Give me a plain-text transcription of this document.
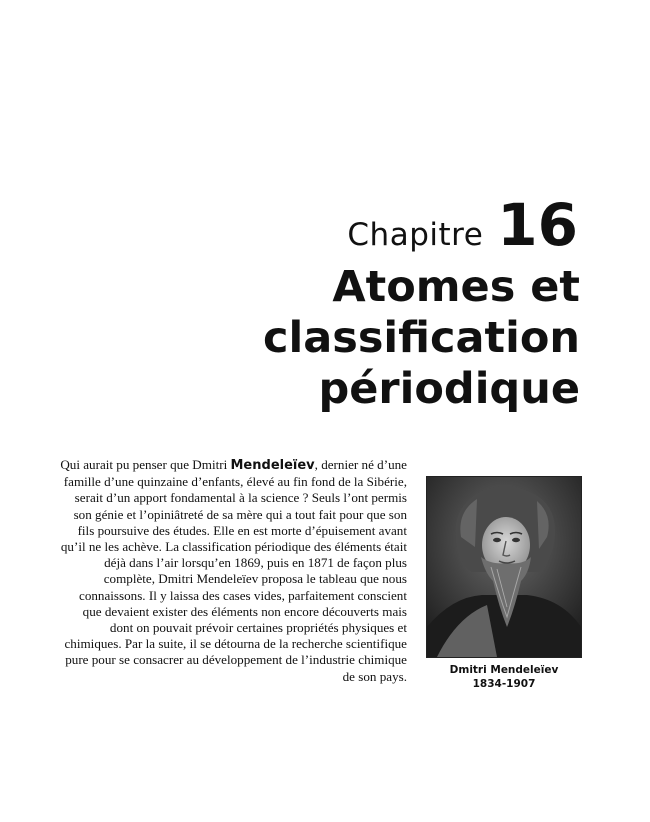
Chapitre 16
Atomes et
classification
périodique

Qui aurait pu penser que Dmitri Mendeleïev, dernier né d’une famille d’une quinzaine d’enfants, élevé au fin fond de la Sibérie, serait d’un apport fondamental à la science ? Seuls l’ont permis son génie et l’opiniâtreté de sa mère qui a tout fait pour que son fils poursuive des études. Elle en est morte d’épuisement avant qu’il ne les achève. La classification périodique des éléments était déjà dans l’air lorsqu’en 1869, puis en 1871 de façon plus complète, Dmitri Mendeleïev proposa le tableau que nous connaissons. Il y laissa des cases vides, parfaitement conscient que devaient exister des éléments non encore découverts mais dont on pouvait prévoir certaines propriétés physiques et chimiques. Par la suite, il se détourna de la recherche scientifique pure pour se consacrer au développement de l’industrie chimique de son pays.	Dmitri Mendeleïev
1834-1907
